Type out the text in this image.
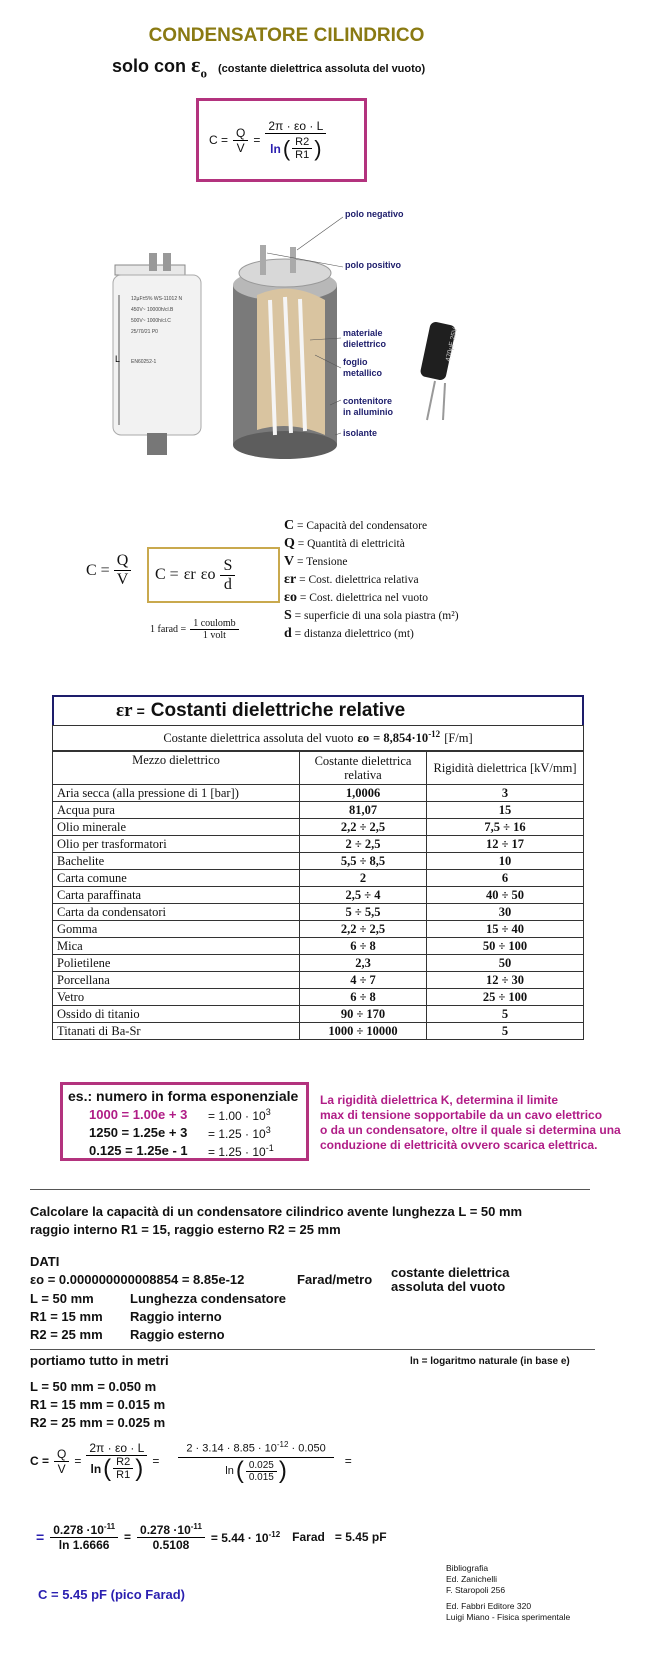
CONDENSATORE CILINDRICO
solo con $\varepsilon_o$ (costante dielettrica assoluta del vuoto)
$C = \frac{Q}{V} = \frac{2\pi \cdot \varepsilon o \cdot L}{\ln ( \frac{R2}{R1} )}$
L
12µF±5% WS-11012 N
450V~ 10000h/cl.B
500V~ 1000h/cl.C
25/70/21 P0
EN60252-1	470µF 25V
polo negativo
polo positivo
materiale
dielettrico
foglio
metallico
contenitore
in alluminio
isolante
$C = \frac{Q}{V}$ C = εr εo $\frac{S}{d}$
1 farad = $\frac{\text{1 coulomb}}{\text{1 volt}}$
C = Capacità del condensatore
Q = Quantità di elettricità
V = Tensione
εr = Cost. dielettrica relativa
εo = Cost. dielettrica nel vuoto
S = superficie di una sola piastra (m²)
d = distanza dielettrico (mt)
εr = Costanti dielettriche relative
Costante dielettrica assoluta del vuoto $\varepsilon o = 8,854\cdot 10^{-12}$ [F/m]
Mezzo dielettrico	Costante dielettrica relativa	Rigidità dielettrica [kV/mm]
Aria secca (alla pressione di 1 [bar])	1,0006	3
Acqua pura	81,07	15
Olio minerale	2,2 ÷ 2,5	7,5 ÷ 16
Olio per trasformatori	2 ÷ 2,5	12 ÷ 17
Bachelite	5,5 ÷ 8,5	10
Carta comune	2	6
Carta paraffinata	2,5 ÷ 4	40 ÷ 50
Carta da condensatori	5 ÷ 5,5	30
Gomma	2,2 ÷ 2,5	15 ÷ 40
Mica	6 ÷ 8	50 ÷ 100
Polietilene	2,3	50
Porcellana	4 ÷ 7	12 ÷ 30
Vetro	6 ÷ 8	25 ÷ 100
Ossido di titanio	90 ÷ 170	5
Titanati di Ba-Sr	1000 ÷ 10000	5
es.: numero in forma esponenziale
$1000 = 1.00e + 3 = 1.00 \cdot 10^3$
$1250 = 1.25e + 3 = 1.25 \cdot 10^3$
$0.125 = 1.25e - 1 = 1.25 \cdot 10^{-1}$
La rigidità dielettrica K, determina il limite
max di tensione sopportabile da un cavo elettrico
o da un condensatore, oltre il quale si determina una
conduzione di elettricità ovvero scarica elettrica.
Calcolare la capacità di un condensatore cilindrico avente lunghezza L = 50 mm
raggio interno R1 = 15, raggio esterno R2 = 25 mm
DATI
εo = 0.000000000008854 = 8.85e-12	Farad/metro costante dielettrica
assoluta del vuoto
L = 50 mm	Lunghezza condensatore
R1 = 15 mm Raggio interno
R2 = 25 mm Raggio esterno
portiamo tutto in metri	ln = logaritmo naturale (in base e)
L = 50 mm = 0.050 m
R1 = 15 mm = 0.015 m
R2 = 25 mm = 0.025 m
$C = \frac{Q}{V} = \frac{2\pi \cdot \varepsilon o \cdot L}{\ln ( \frac{R2}{R1} )} = \frac{2 \cdot 3.14 \cdot 8.85 \cdot 10^{-12} \cdot 0.050}{\ln ( \frac{0.025}{0.015} )}$ =
= $\frac{0.278 \cdot 10^{-11}}{\ln 1.6666} = \frac{0.278 \cdot 10^{-11}}{0.5108} = 5.44 \cdot 10^{-12}$ Farad = 5.45 pF
C = 5.45 pF (pico Farad)
Bibliografia
Ed. Zanichelli
F. Staropoli 256
Ed. Fabbri Editore 320
Luigi Miano - Fisica sperimentale
